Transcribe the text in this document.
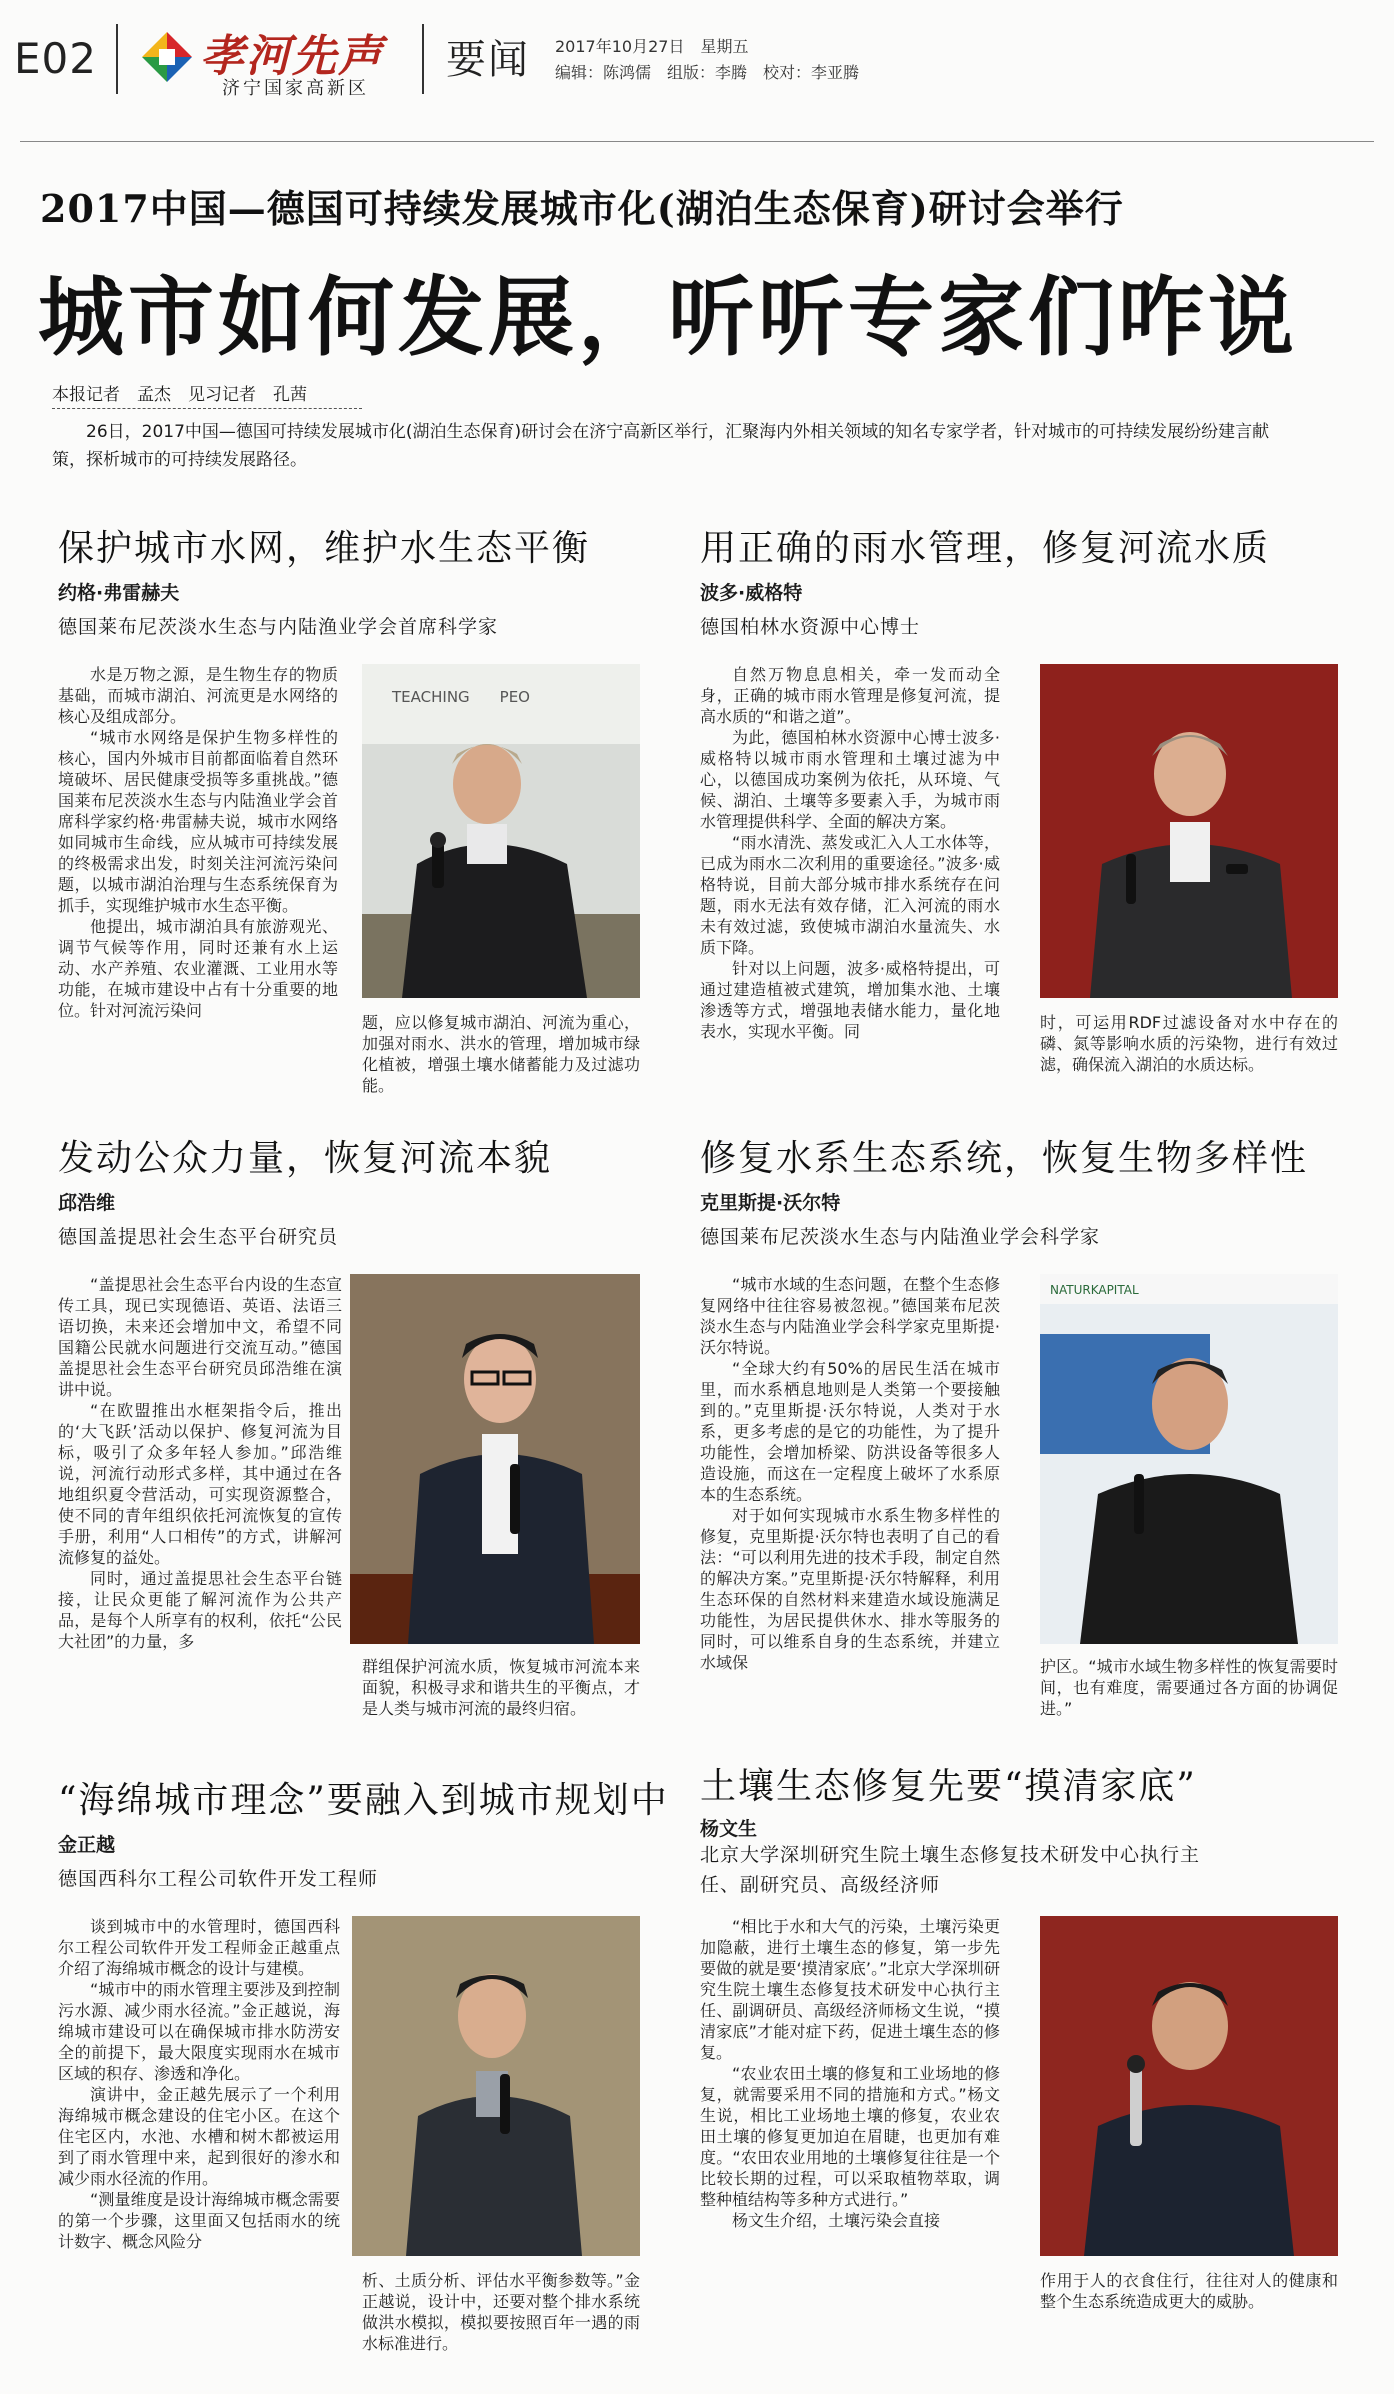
E02 孝河先声
济宁国家高新区
要闻 2017年10月27日　星期五
编辑：陈鸿儒　组版：李腾　校对：李亚腾
2017中国—德国可持续发展城市化(湖泊生态保育)研讨会举行
城市如何发展，听听专家们咋说
本报记者　孟杰　见习记者　孔茜
26日，2017中国—德国可持续发展城市化(湖泊生态保育)研讨会在济宁高新区举行，汇聚海内外相关领域的知名专家学者，针对城市的可持续发展纷纷建言献策，探析城市的可持续发展路径。
保护城市水网，维护水生态平衡
约格·弗雷赫夫
德国莱布尼茨淡水生态与内陆渔业学会首席科学家

水是万物之源，是生物生存的物质基础，而城市湖泊、河流更是水网络的核心及组成部分。

“城市水网络是保护生物多样性的核心，国内外城市目前都面临着自然环境破坏、居民健康受损等多重挑战。”德国莱布尼茨淡水生态与内陆渔业学会首席科学家约格·弗雷赫夫说，城市水网络如同城市生命线，应从城市可持续发展的终极需求出发，时刻关注河流污染问题，以城市湖泊治理与生态系统保育为抓手，实现维护城市水生态平衡。

他提出，城市湖泊具有旅游观光、调节气候等作用，同时还兼有水上运动、水产养殖、农业灌溉、工业用水等功能，在城市建设中占有十分重要的地位。针对河流污染问

TEACHING　　PEO

题，应以修复城市湖泊、河流为重心，加强对雨水、洪水的管理，增加城市绿化植被，增强土壤水储蓄能力及过滤功能。

用正确的雨水管理，修复河流水质
波多·威格特
德国柏林水资源中心博士

自然万物息息相关，牵一发而动全身，正确的城市雨水管理是修复河流，提高水质的“和谐之道”。

为此，德国柏林水资源中心博士波多·威格特以城市雨水管理和土壤过滤为中心，以德国成功案例为依托，从环境、气候、湖泊、土壤等多要素入手，为城市雨水管理提供科学、全面的解决方案。

“雨水清洗、蒸发或汇入人工水体等，已成为雨水二次利用的重要途径。”波多·威格特说，目前大部分城市排水系统存在问题，雨水无法有效存储，汇入河流的雨水未有效过滤，致使城市湖泊水量流失、水质下降。

针对以上问题，波多·威格特提出，可通过建造植被式建筑，增加集水池、土壤渗透等方式，增强地表储水能力，量化地表水，实现水平衡。同	时，可运用RDF过滤设备对水中存在的磷、氮等影响水质的污染物，进行有效过滤，确保流入湖泊的水质达标。

发动公众力量，恢复河流本貌
邱浩维
德国盖提思社会生态平台研究员

“盖提思社会生态平台内设的生态宣传工具，现已实现德语、英语、法语三语切换，未来还会增加中文，希望不同国籍公民就水问题进行交流互动。”德国盖提思社会生态平台研究员邱浩维在演讲中说。

“在欧盟推出水框架指令后，推出的‘大飞跃’活动以保护、修复河流为目标，吸引了众多年轻人参加。”邱浩维说，河流行动形式多样，其中通过在各地组织夏令营活动，可实现资源整合，使不同的青年组织依托河流恢复的宣传手册，利用“人口相传”的方式，讲解河流修复的益处。

同时，通过盖提思社会生态平台链接，让民众更能了解河流作为公共产品，是每个人所享有的权利，依托“公民大社团”的力量，多

群组保护河流水质，恢复城市河流本来面貌，积极寻求和谐共生的平衡点，才是人类与城市河流的最终归宿。

修复水系生态系统，恢复生物多样性
克里斯提·沃尔特
德国莱布尼茨淡水生态与内陆渔业学会科学家

“城市水域的生态问题，在整个生态修复网络中往往容易被忽视。”德国莱布尼茨淡水生态与内陆渔业学会科学家克里斯提·沃尔特说。

“全球大约有50%的居民生活在城市里，而水系栖息地则是人类第一个要接触到的。”克里斯提·沃尔特说，人类对于水系，更多考虑的是它的功能性，为了提升功能性，会增加桥梁、防洪设备等很多人造设施，而这在一定程度上破坏了水系原本的生态系统。

对于如何实现城市水系生物多样性的修复，克里斯提·沃尔特也表明了自己的看法：“可以利用先进的技术手段，制定自然的解决方案。”克里斯提·沃尔特解释，利用生态环保的自然材料来建造水域设施满足功能性，为居民提供休水、排水等服务的同时，可以维系自身的生态系统，并建立水域保

NATURKAPITAL

护区。“城市水域生物多样性的恢复需要时间，也有难度，需要通过各方面的协调促进。”

“海绵城市理念”要融入到城市规划中
金正越
德国西科尔工程公司软件开发工程师

谈到城市中的水管理时，德国西科尔工程公司软件开发工程师金正越重点介绍了海绵城市概念的设计与建模。

“城市中的雨水管理主要涉及到控制污水源、减少雨水径流。”金正越说，海绵城市建设可以在确保城市排水防涝安全的前提下，最大限度实现雨水在城市区域的积存、渗透和净化。

演讲中，金正越先展示了一个利用海绵城市概念建设的住宅小区。在这个住宅区内，水池、水槽和树木都被运用到了雨水管理中来，起到很好的渗水和减少雨水径流的作用。

“测量维度是设计海绵城市概念需要的第一个步骤，这里面又包括雨水的统计数字、概念风险分

析、土质分析、评估水平衡参数等。”金正越说，设计中，还要对整个排水系统做洪水模拟，模拟要按照百年一遇的雨水标准进行。

土壤生态修复先要“摸清家底”
杨文生
北京大学深圳研究生院土壤生态修复技术研发中心执行主任、副研究员、高级经济师

“相比于水和大气的污染，土壤污染更加隐蔽，进行土壤生态的修复，第一步先要做的就是要‘摸清家底’。”北京大学深圳研究生院土壤生态修复技术研发中心执行主任、副调研员、高级经济师杨文生说，“摸清家底”才能对症下药，促进土壤生态的修复。

“农业农田土壤的修复和工业场地的修复，就需要采用不同的措施和方式。”杨文生说，相比工业场地土壤的修复，农业农田土壤的修复更加迫在眉睫，也更加有难度。“农田农业用地的土壤修复往往是一个比较长期的过程，可以采取植物萃取，调整种植结构等多种方式进行。”

杨文生介绍，土壤污染会直接

作用于人的衣食住行，往往对人的健康和整个生态系统造成更大的威胁。
